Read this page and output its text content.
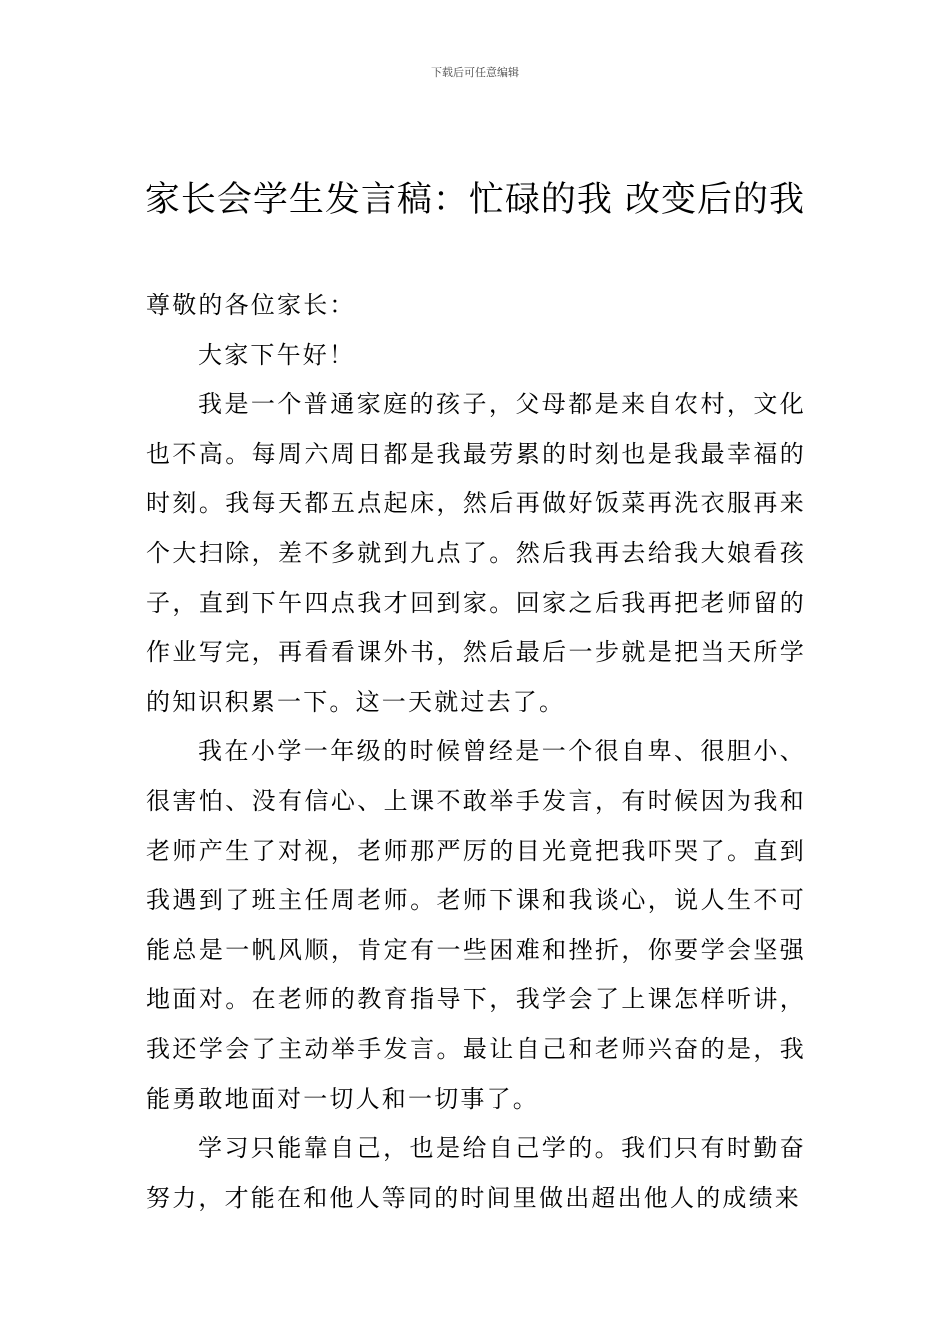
下载后可任意编辑
家长会学生发言稿：忙碌的我 改变后的我

尊敬的各位家长：

大家下午好！

我是一个普通家庭的孩子，父母都是来自农村，文化也不高。每周六周日都是我最劳累的时刻也是我最幸福的时刻。我每天都五点起床，然后再做好饭菜再洗衣服再来个大扫除，差不多就到九点了。然后我再去给我大娘看孩子，直到下午四点我才回到家。回家之后我再把老师留的作业写完，再看看课外书，然后最后一步就是把当天所学的知识积累一下。这一天就过去了。

我在小学一年级的时候曾经是一个很自卑、很胆小、很害怕、没有信心、上课不敢举手发言，有时候因为我和老师产生了对视，老师那严厉的目光竟把我吓哭了。直到我遇到了班主任周老师。老师下课和我谈心，说人生不可能总是一帆风顺，肯定有一些困难和挫折，你要学会坚强地面对。在老师的教育指导下，我学会了上课怎样听讲，我还学会了主动举手发言。最让自己和老师兴奋的是，我能勇敢地面对一切人和一切事了。

学习只能靠自己，也是给自己学的。我们只有时勤奋努力，才能在和他人等同的时间里做出超出他人的成绩来
